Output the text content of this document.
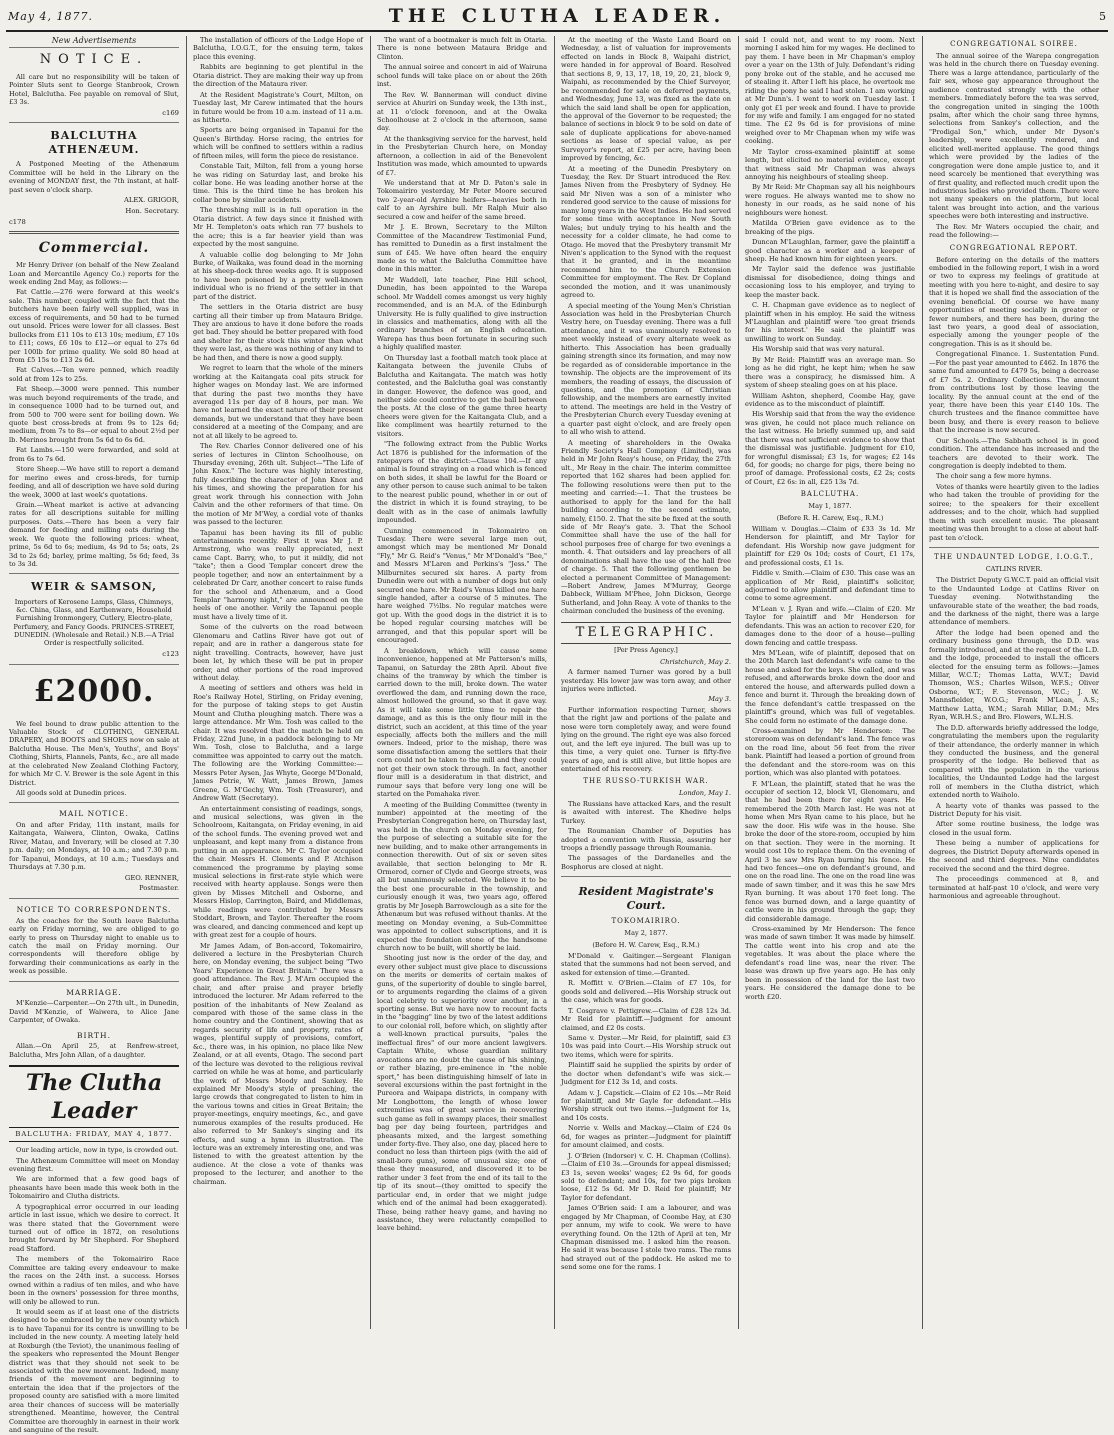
May 4, 1877.	THE CLUTHA LEADER.	5
New Advertisements
NOTICE.

All care but no responsibility will be taken of Pointer Sluts sent to George Stanbrook, Crown Hotel, Balclutha. Fee payable on removal of Slut, £3 3s.

c169
BALCLUTHA ATHENÆUM.

A Postponed Meeting of the Athenæum Committee will be held in the Library on the evening of MONDAY first, the 7th instant, at half-past seven o'clock sharp.

ALEX. GRIGOR,
Hon. Secretary.
c178
Commercial.

Mr Henry Driver (on behalf of the New Zealand Loan and Mercantile Agency Co.) reports for the week ending 2nd May, as follows:—

Fat Cattle.—276 were forward at this week's sale. This number, coupled with the fact that the butchers have been fairly well supplied, was in excess of requirements, and 50 had to be turned out unsold. Prices were lower for all classes. Best bullocks from £11 10s to £13 10s; medium, £7 10s to £11; cows, £6 10s to £12—or equal to 27s 6d per 100lb for prime quality. We sold 80 head at from £5 15s to £13 2s 6d.

Fat Calves.—Ten were penned, which readily sold at from 12s to 25s.

Fat Sheep.—3000 were penned. This number was much beyond requirements of the trade, and in consequence 1000 had to be turned out, and from 500 to 700 were sent for boiling down. We quote best cross-breds at from 9s to 12s 6d; medium, from 7s to 8s—or equal to about 2½d per lb. Merinos brought from 5s 6d to 6s 6d.

Fat Lambs.—150 were forwarded, and sold at from 6s to 7s 6d.

Store Sheep.—We have still to report a demand for merino ewes and cross-breds, for turnip feeding, and all of description we have sold during the week, 3000 at last week's quotations.

Grain.—Wheat market is active at advancing rates for all descriptions suitable for milling purposes. Oats.—There has been a very fair demand for feeding and milling oats during the week. We quote the following prices: wheat, prime, 5s 6d to 6s; medium, 4s 9d to 5s; oats, 2s 3d to 2s 6d; barley, prime malting, 5s 6d; feed, 3s to 3s 3d.

WEIR & SAMSON,
Importers of Kerosene Lamps, Glass, Chimneys, &c. China, Glass, and Earthenware, Household Furnishing Ironmongery, Cutlery, Electro-plate, Perfumery, and Fancy Goods. PRINCES-STREET, DUNEDIN. (Wholesale and Retail.) N.B.—A Trial Order is respectfully solicited.
c123
£2000.

We feel bound to draw public attention to the Valuable Stock of CLOTHING, GENERAL DRAPERY, and BOOTS and SHOES now on sale at Balclutha House. The Men's, Youths', and Boys' Clothing, Shirts, Flannels, Pants, &c., are all made at the celebrated New Zealand Clothing Factory, for which Mr C. V. Brewer is the sole Agent in this District.

All goods sold at Dunedin prices.

MAIL NOTICE.

On and after Friday, 11th instant, mails for Kaitangata, Waiwera, Clinton, Owaka, Catlins River, Matau, and Inverary, will be closed at 7.30 p.m. daily; on Mondays, at 10 a.m.; and 7.30 p.m. for Tapanui, Mondays, at 10 a.m.; Tuesdays and Thursdays at 7.30 p.m.

GEO. RENNER,
Postmaster.
NOTICE TO CORRESPONDENTS.

As the coaches for the South leave Balclutha early on Friday morning, we are obliged to go early to press on Thursday night to enable us to catch the mail on Friday morning. Our correspondents will therefore oblige by forwarding their communications as early in the week as possible.

MARRIAGE.

M'Kenzie—Carpenter.—On 27th ult., in Dunedin, David M'Kenzie, of Waiwera, to Alice Jane Carpenter, of Owaka.

BIRTH.

Allan.—On April 25, at Renfrew-street, Balclutha, Mrs John Allan, of a daughter.

The Clutha Leader
BALCLUTHA: FRIDAY, MAY 4, 1877.

Our leading article, now in type, is crowded out.

The Athenæum Committee will meet on Monday evening first.

We are informed that a few good bags of pheasants have been made this week both in the Tokomairiro and Clutha districts.

A typographical error occurred in our leading article in last issue, which we desire to correct. It was there stated that the Government were turned out of office in 1872, on resolutions brought forward by Mr Shepherd. For Shepherd read Stafford.

The members of the Tokomairiro Race Committee are taking every endeavour to make the races on the 24th inst. a success. Horses owned within a radius of ten miles, and who have been in the owners' possession for three months, will only be allowed to run.

It would seem as if at least one of the districts designed to be embraced by the new county which is to have Tapanui for its centre is unwilling to be included in the new county. A meeting lately held at Roxburgh (the Teviot), the unanimous feeling of the speakers who represented the Mount Benger district was that they should not seek to be associated with the new movement. Indeed, many friends of the movement are beginning to entertain the idea that if the projectors of the proposed county are satisfied with a more limited area their chances of success will be materially strengthened. Meantime, however, the Central Committee are thoroughly in earnest in their work and sanguine of the result.

The installation of officers of the Lodge Hope of Balclutha, I.O.G.T., for the ensuing term, takes place this evening.

Rabbits are beginning to get plentiful in the Otaria district. They are making their way up from the direction of the Mataura river.

At the Resident Magistrate's Court, Milton, on Tuesday last, Mr Carew intimated that the hours in future would be from 10 a.m. instead of 11 a.m. as hitherto.

Sports are being organised in Tapanui for the Queen's Birthday. Horse racing, the entries for which will be confined to settlers within a radius of fifteen miles, will form the piece de resistance.

Constable Tait, Milton, fell from a young horse he was riding on Saturday last, and broke his collar bone. He was leading another horse at the time. This is the third time he has broken his collar bone by similar accidents.

The threshing mill is in full operation in the Otaria district. A few days since it finished with Mr H. Templeton's oats which ran 77 bushels to the acre; this is a far heavier yield than was expected by the most sanguine.

A valuable collie dog belonging to Mr John Burke, of Waikaka, was found dead in the morning at his sheep-dock three weeks ago. It is supposed to have been poisoned by a pretty well-known individual who is no friend of the settler in that part of the district.

The settlers in the Otaria district are busy carting all their timber up from Mataura Bridge. They are anxious to have it done before the roads get bad. They should be better prepared with food and shelter for their stock this winter than what they were last, as there was nothing of any kind to be had then, and there is now a good supply.

We regret to learn that the whole of the miners working at the Kaitangata coal pits struck for higher wages on Monday last. We are informed that during the past two months they have averaged 11s per day of 8 hours, per man. We have not learned the exact nature of their present demands, but we understand that they have been considered at a meeting of the Company, and are not at all likely to be agreed to.

The Rev. Charles Connor delivered one of his series of lectures in Clinton Schoolhouse, on Thursday evening, 26th ult. Subject—"The Life of John Knox." The lecture was highly interesting, fully describing the character of John Knox and his times, and showing the preparation for his great work through his connection with John Calvin and the other reformers of that time. On the motion of Mr M'Wey, a cordial vote of thanks was passed to the lecturer.

Tapanui has been having its fill of public entertainments recently. First it was Mr J. P. Armstrong, who was really appreciated, next came Capt. Barry, who, to put it mildly, did not "take"; then a Good Templar concert drew the people together, and now an entertainment by a celebrated Dr Carr, another concert to raise funds for the school and Athenæum, and a Good Templar "harmony night," are announced on the heels of one another. Verily the Tapanui people must have a lively time of it.

Some of the culverts on the road between Glenomaru and Catlins River have got out of repair, and are in rather a dangerous state for night travelling. Contracts, however, have just been let, by which these will be put in proper order, and other portions of the road improved without delay.

A meeting of settlers and others was held in Roe's Railway Hotel, Stirling, on Friday evening, for the purpose of taking steps to get Austin Mount and Clutha ploughing match. There was a large attendance. Mr Wm. Tosh was called to the chair. It was resolved that the match be held on Friday, 22nd June, in a paddock belonging to Mr Wm. Tosh, close to Balclutha, and a large committee was appointed to carry out the match. The following are the Working Committee:—Messrs Peter Aysen, Jas Whyte, George M'Donald, James Petrie, W. Watt, James Brown, James Greene, G. M'Gechy, Wm. Tosh (Treasurer), and Andrew Watt (Secretary).

An entertainment consisting of readings, songs, and musical selections, was given in the Schoolroom, Kaitangata, on Friday evening, in aid of the school funds. The evening proved wet and unpleasant, and kept many from a distance from putting in an appearance. Mr C. Taylor occupied the chair. Messrs H. Clements and P. Atchison commenced the programme by playing some musical selections in first-rate style which were received with hearty applause. Songs were then given by Misses Mitchell and Osborne, and Messrs Hislop, Carrington, Baird, and Middlemas, while readings were contributed by Messrs Stoddart, Brown, and Taylor. Thereafter the room was cleared, and dancing commenced and kept up with great zest for a couple of hours.

Mr James Adam, of Bon-accord, Tokomairiro, delivered a lecture in the Presbyterian Church here, on Monday evening, the subject being "Two Years' Experience in Great Britain." There was a good attendance. The Rev. J. M'Arn occupied the chair, and after praise and prayer briefly introduced the lecturer. Mr Adam referred to the position of the inhabitants of New Zealand as compared with those of the same class in the home country and the Continent, showing that as regards security of life and property, rates of wages, plentiful supply of provisions, comfort, &c., there was, in his opinion, no place like New Zealand, or at all events, Otago. The second part of the lecture was devoted to the religious revival carried on while he was at home, and particularly the work of Messrs Moody and Sankey. He explained Mr Moody's style of preaching, the large crowds that congregated to listen to him in the various towns and cities in Great Britain; the prayer-meetings, enquiry meetings, &c., and gave numerous examples of the results produced. He also referred to Mr Sankey's singing and its effects, and sung a hymn in illustration. The lecture was an extremely interesting one, and was listened to with the greatest attention by the audience. At the close a vote of thanks was proposed to the lecturer, and another to the chairman.

The want of a bootmaker is much felt in Otaria. There is none between Mataura Bridge and Clinton.

The annual soiree and concert in aid of Wairuna school funds will take place on or about the 26th inst.

The Rev. W. Bannerman will conduct divine service at Ahuriri on Sunday week, the 13th inst., at 11 o'clock forenoon, and at the Owaka Schoolhouse at 2 o'clock in the afternoon, same day.

At the thanksgiving service for the harvest, held in the Presbyterian Church here, on Monday afternoon, a collection in aid of the Benevolent Institution was made, which amounted to upwards of £7.

We understand that at Mr D. Paton's sale in Tokomairiro yesterday, Mr Peter Moore secured two 2-year-old Ayrshire heifers—heavies both in calf to an Ayrshire bull. Mr Ralph Muir also secured a cow and heifer of the same breed.

Mr J. E. Brown, Secretary to the Milton Committee of the Macandrew Testimonial Fund, has remitted to Dunedin as a first instalment the sum of £45. We have often heard the enquiry made as to what the Balclutha Committee have done in this matter.

Mr Waddell, late teacher, Pine Hill school, Dunedin, has been appointed to the Warepa school. Mr Waddell comes amongst us very highly recommended, and is an M.A. of the Edinburgh University. He is fully qualified to give instruction in classics and mathematics, along with all the ordinary branches of an English education. Warepa has thus been fortunate in securing such a highly qualified master.

On Thursday last a football match took place at Kaitangata between the juvenile Clubs of Balclutha and Kaitangata. The match was hotly contested, and the Balclutha goal was constantly in danger. However, the defence was good, and neither side could contrive to get the ball between the posts. At the close of the game three hearty cheers were given for the Kaitangata Club, and a like compliment was heartily returned to the visitors.

"The following extract from the Public Works Act 1876 is published for the information of the ratepayers of the district:—Clause 104.—If any animal is found straying on a road which is fenced on both sides, it shall be lawful for the Board or any other person to cause such animal to be taken to the nearest public pound, whether in or out of the district in which it is found straying, to be dealt with as in the case of animals lawfully impounded.

Cunning commenced in Tokomairiro on Tuesday. There were several large men out, amongst which may be mentioned Mr Donald "Fly," Mr G. Reid's "Venus," Mr M'Donald's "Bee," and Messrs M'Laren and Perkins's "Jess." The Milburnites secured six hares. A party from Dunedin were out with a number of dogs but only secured one hare. Mr Reid's Venus killed one hare single handed, after a course of 5 minutes. The hare weighed 7½lbs. No regular matches were got up. With the good dogs in the district it is to be hoped regular coursing matches will be arranged, and that this popular sport will be encouraged.

A breakdown, which will cause some inconvenience, happened at Mr Patterson's mills, Tapanui, on Saturday the 28th April. About five chains of the tramway by which the timber is carried down to the mill, broke down. The water overflowed the dam, and running down the race, almost hollowed the ground, so that it gave way. As it will take some little time to repair the damage, and as this is the only flour mill in the district, such an accident, at this time of the year especially, affects both the millers and the mill owners. Indeed, prior to the mishap, there was some dissatisfaction among the settlers that their corn could not be taken to the mill and they could not get their own stock through. In fact, another flour mill is a desideratum in that district, and rumour says that before very long one will be started on the Pomahaka river.

A meeting of the Building Committee (twenty in number) appointed at the meeting of the Presbyterian Congregation here, on Thursday last, was held in the church on Monday evening, for the purpose of selecting a suitable site for the new building, and to make other arrangements in connection therewith. Out of six or seven sites available, that section belonging to Mr R. Ormerod, corner of Clyde and George streets, was all but unanimously selected. We believe it to be the best one procurable in the township, and curiously enough it was, two years ago, offered gratis by Mr Joseph Barrowclough as a site for the Athenæum but was refused without thanks. At the meeting on Monday evening, a Sub-Committee was appointed to collect subscriptions, and it is expected the foundation stone of the handsome church now to be built, will shortly be laid.

Shooting just now is the order of the day, and every other subject must give place to discussions on the merits or demerits of certain makes of guns, of the superiority of double to single barrel, or to arguments regarding the claims of a given local celebrity to superiority over another, in a sporting sense. But we have now to recount facts in the "bagging" line by two of the latest additions to our colonial roll, before which, on slightly after a well-known practical pursuits, "pales the ineffectual fires" of our more ancient lawgivers. Captain White, whose guardian military avocations are no doubt the cause of his shining, or rather blazing, pre-eminence in "the noble sport," has been distinguishing himself of late in several excursions within the past fortnight in the Pureora and Waipapa districts, in company with Mr Longbottom, the length of whose lower extremities was of great service in recovering such game as fell in swampy places, their smallest bag per day being fourteen, partridges and pheasants mixed, and the largest something under forty-five. They also, one day, placed here to conduct no less than thirteen pigs (with the aid of small-bore guns), some of unusual size; one of these they measured, and discovered it to be rather under 3 feet from the end of its tail to the tip of its snout—(they omitted to specify the particular end, in order that we might judge which end of the animal had been exaggerated). These, being rather heavy game, and having no assistance, they were reluctantly compelled to leave behind.

At the meeting of the Waste Land Board on Wednesday, a list of valuation for improvements effected on lands in Block 8, Waipahi district, were handed in for approval of Board. Resolved that sections 8, 9, 13, 17, 18, 19, 20, 21, block 9, Waipahi, as recommended by the Chief Surveyor, be recommended for sale on deferred payments, and Wednesday, June 13, was fixed as the date on which the said land shall be open for application, the approval of the Governor to be requested; the balance of sections in block 9 to be sold on date of sale of duplicate applications for above-named sections as lease of special value, as per Surveyor's report, at £25 per acre, having been improved by fencing, &c.

At a meeting of the Dunedin Presbytery on Tuesday, the Rev. Dr Stuart introduced the Rev. James Niven from the Presbytery of Sydney. He said Mr Niven was a son of a minister who rendered good service to the cause of missions for many long years in the West Indies. He had served for some time with acceptance in New South Wales; but unduly trying to his health and the necessity for a colder climate, he had come to Otago. He moved that the Presbytery transmit Mr Niven's application to the Synod with the request that it be granted, and in the meantime recommend him to the Church Extension Committee for employment. The Rev. Dr Copland seconded the motion, and it was unanimously agreed to.

A special meeting of the Young Men's Christian Association was held in the Presbyterian Church Vestry here, on Tuesday evening. There was a full attendance, and it was unanimously resolved to meet weekly instead of every alternate week as hitherto. This Association has been gradually gaining strength since its formation, and may now be regarded as of considerable importance in the township. The objects are the improvement of its members, the reading of essays, the discussion of questions, and the promotion of Christian fellowship, and the members are earnestly invited to attend. The meetings are held in the Vestry of the Presbyterian Church every Tuesday evening at a quarter past eight o'clock, and are freely open to all who wish to attend.

A meeting of shareholders in the Owaka Friendly Society's Hall Company (Limited), was held in Mr John Reay's house, on Friday, the 27th ult., Mr Reay in the chair. The interim committee reported that 162 shares had been applied for. The following resolutions were then put to the meeting and carried:—1. That the trustees be authorised to apply for the land for the hall building according to the second estimate, namely, £150. 2. That the site be fixed at the south side of Mr Reay's gate. 3. That the School Committee shall have the use of the hall for school purposes free of charge for two evenings a month. 4. That outsiders and lay preachers of all denominations shall have the use of the hall free of charge. 5. That the following gentlemen be elected a permanent Committee of Management:—Robert Andrew, James M'Murray, George Dabbeck, William M'Phee, John Dickson, George Sutherland, and John Reay. A vote of thanks to the chairman concluded the business of the evening.

TELEGRAPHIC.
[Per Press Agency.]
Christchurch, May 2.

A farmer named Turner was gored by a bull yesterday. His lower jaw was torn away, and other injuries were inflicted.

May 3.

Further information respecting Turner, shows that the right jaw and portions of the palate and nose were torn completely away, and were found lying on the ground. The right eye was also forced out, and the left eye injured. The bull was up to this time, a very quiet one. Turner is fifty-five years of age, and is still alive, but little hopes are entertained of his recovery.

THE RUSSO-TURKISH WAR.
London, May 1.

The Russians have attacked Kars, and the result is awaited with interest. The Khedive helps Turkey.

The Roumanian Chamber of Deputies has adopted a convention with Russia, assuring her troops a friendly passage through Roumania.

The passages of the Dardanelles and the Bosphorus are closed at night.

Resident Magistrate's Court.
TOKOMAIRIRO.
May 2, 1877.
(Before H. W. Carew, Esq., R.M.)

M'Donald v. Gaitinger.—Sergeant Flanigan stated that the summons had not been served, and asked for extension of time.—Granted.

R. Moffitt v. O'Brien.—Claim of £7 10s, for goods sold and delivered.—His Worship struck out the case, which was for goods.

T. Cosgrave v. Pettigrew.—Claim of £28 12s 3d. Mr Reid for plaintiff.—Judgment for amount claimed, and £2 0s costs.

Same v. Dyster.—Mr Reid, for plaintiff, said £3 10s was paid into Court.—His Worship struck out two items, which were for spirits.

Plaintiff said he supplied the spirits by order of the doctor when defendant's wife was sick.—Judgment for £12 3s 1d, and costs.

Adam v. J. Capstick.—Claim of £2 10s.—Mr Reid for plaintiff, and Mr Gayle for defendant.—His Worship struck out two items.—Judgment for 1s, and 10s costs.

Norrie v. Wells and Mackay.—Claim of £24 0s 6d, for wages as printer.—Judgment for plaintiff for amount claimed, and costs.

J. O'Brien (Indorser) v. C. H. Chapman (Collins).—Claim of £10 3s.—Grounds for appeal dismissed; £3 1s, seven weeks' wages; £2 9s 6d, for goods sold to defendant; and 10s, for two pigs broken loose, £12 5s 6d. Mr D. Reid for plaintiff; Mr Taylor for defendant.

James O'Brien said: I am a labourer, and was engaged by Mr Chapman, of Coombe Hay, at £30 per annum, my wife to cook. We were to have everything found. On the 12th of April at ten, Mr Chapman dismissed me. I asked him the reason. He said it was because I stole two rams. The rams had strayed out of the paddock. He asked me to send some one for the rams. I

said I could not, and went to my room. Next morning I asked him for my wages. He declined to pay them. I have been in Mr Chapman's employ over a year on the 13th of July. Defendant's riding pony broke out of the stable, and he accused me of stealing it. After I left his place, he overtook me riding the pony he said I had stolen. I am working at Mr Dunn's. I went to work on Tuesday last. I only got £1 per week and found. I have to provide for my wife and family. I am engaged for no stated time. The £2 9s 6d is for provisions of mine weighed over to Mr Chapman when my wife was cooking.

Mr Taylor cross-examined plaintiff at some length, but elicited no material evidence, except that witness said Mr Chapman was always annoying his neighbours of stealing sheep.

By Mr Reid: Mr Chapman say all his neighbours were rogues. He always wanted me to show no honesty in our roads, as he said none of his neighbours were honest.

Matilda O'Brien gave evidence as to the breaking of the pigs.

Duncan M'Laughlan, farmer, gave the plaintiff a good character as a worker and a keeper of sheep. He had known him for eighteen years.

Mr Taylor said the defence was justifiable dismissal for disobedience, doing things and occasioning loss to his employer, and trying to keep the master back.

C. H. Chapman gave evidence as to neglect of plaintiff when in his employ. He said the witness M'Laughlan and plaintiff were 'too great friends for his interest.' He said the plaintiff was unwilling to work on Sunday.

His Worship said that was very natural.

By Mr Reid: Plaintiff was an average man. So long as he did right, he kept him; when he saw there was a conspiracy, he dismissed him. A system of sheep stealing goes on at his place.

William Ashton, shepherd, Coombe Hay, gave evidence as to the misconduct of plaintiff.

His Worship said that from the way the evidence was given, he could not place much reliance on the last witness. He briefly summed up, and said that there was not sufficient evidence to show that the dismissal was justifiable. Judgment for £10, for wrongful dismissal; £3 1s, for wages; £2 14s 6d, for goods; no charge for pigs, there being no proof of damage. Professional costs, £2 2s; costs of Court, £2 6s: in all, £25 13s 7d.

BALCLUTHA.
May 1, 1877.
(Before R. H. Carew, Esq., R.M.)

William v. Douglas.—Claim of £33 3s 1d. Mr Henderson for plaintiff, and Mr Taylor for defendant. His Worship now gave judgment for plaintiff for £29 0s 10d; costs of Court, £1 17s, and professional costs, £1 1s.

Fiddle v. Smith.—Claim of £30. This case was an application of Mr Reid, plaintiff's solicitor, adjourned to allow plaintiff and defendant time to come to some agreement.

M'Lean v. J. Ryan and wife.—Claim of £20. Mr Taylor for plaintiff and Mr Henderson for defendants. This was an action to recover £20, for damages done to the door of a house—pulling down fencing and cattle trespass.

Mrs M'Lean, wife of plaintiff, deposed that on the 20th March last defendant's wife came to the house and asked for the keys. She called, and was refused, and afterwards broke down the door and entered the house, and afterwards pulled down a fence and burnt it. Through the breaking down of the fence defendant's cattle trespassed on the plaintiff's ground, which was full of vegetables. She could form no estimate of the damage done.

Cross-examined by Mr Henderson: The storeroom was on defendant's land. The fence was on the road line, about 56 feet from the river bank. Plaintiff had leased a portion of ground from the defendant and the store-room was on this portion, which was also planted with potatoes.

F. M'Lean, the plaintiff, stated that he was the occupier of section 12, block VI, Glenomaru, and that he had been there for eight years. He remembered the 20th March last. He was not at home when Mrs Ryan came to his place, but he saw the door. His wife was in the house. She broke the door of the store-room, occupied by him on that section. They were in the morning. It would cost 10s to replace them. On the evening of April 3 he saw Mrs Ryan burning his fence. He had two fences—one on defendant's ground, and one on the road line. The one on the road line was made of sawn timber, and it was this he saw Mrs Ryan burning. It was about 170 feet long. The fence was burned down, and a large quantity of cattle were in his ground through the gap; they did considerable damage.

Cross-examined by Mr Henderson: The fence was made of sawn timber. It was made by himself. The cattle went into his crop and ate the vegetables. It was about the place where the defendant's road line was, near the river. The lease was drawn up five years ago. He has only been in possession of the land for the last two years. He considered the damage done to be worth £20.

CONGREGATIONAL SOIREE.

The annual soiree of the Warepa congregation was held in the church there on Tuesday evening. There was a large attendance, particularly of the fair sex, whose gay appearance throughout the audience contrasted strongly with the other members. Immediately before the tea was served, the congregation united in singing the 100th psalm, after which the choir sang three hymns, selections from Sankey's collection, and the "Prodigal Son," which, under Mr Dyson's leadership, were excellently rendered, and elicited well-merited applause. The good things which were provided by the ladies of the congregation were done ample justice to, and it need scarcely be mentioned that everything was of first quality, and reflected much credit upon the industrious ladies who provided them. There were not many speakers on the platform, but local talent was brought into action, and the various speeches were both interesting and instructive.

The Rev. Mr Waters occupied the chair, and read the following:—

CONGREGATIONAL REPORT.

Before entering on the details of the matters embodied in the following report, I wish in a word or two to express my feelings of gratitude at meeting with you here to-night, and desire to say that it is hoped we shall find the association of the evening beneficial. Of course we have many opportunities of meeting socially in greater or fewer numbers, and there has been, during the last two years, a good deal of association, especially among the younger people of the congregation. This is as it should be.

Congregational Finance. 1. Sustentation Fund.—For the past year amounted to £462. In 1876 the same fund amounted to £479 5s, being a decrease of £7 5s. 2. Ordinary Collections. The amount from contributions lost by those leaving the locality. By the annual count at the end of the year, there have been this year £140 10s. The church trustees and the finance committee have been busy, and there is every reason to believe that the increase is now secured.

Our Schools.—The Sabbath school is in good condition. The attendance has increased and the teachers are devoted to their work. The congregation is deeply indebted to them.

The choir sang a few more hymns.

Votes of thanks were heartily given to the ladies who had taken the trouble of providing for the soiree; to the speakers for their excellent addresses; and to the choir, which had supplied them with such excellent music. The pleasant meeting was then brought to a close at about half-past ten o'clock.

THE UNDAUNTED LODGE, I.O.G.T.,
CATLINS RIVER.

The District Deputy G.W.C.T. paid an official visit to the Undaunted Lodge at Catlins River on Tuesday evening. Notwithstanding the unfavourable state of the weather, the bad roads, and the darkness of the night, there was a large attendance of members.

After the lodge had been opened and the ordinary business gone through, the D.D. was formally introduced, and at the request of the L.D. and the lodge, proceeded to install the officers elected for the ensuing term as follows:—James Millar, W.C.T.; Thomas Latta, W.V.T.; David Thomson, W.S.; Charles Wilson, W.F.S.; Oliver Osborne, W.T.; F. Stevenson, W.C.; J. W. Mannsfielder, W.O.G.; Frank M'Lean, A.S.; Matthew Latta, W.M.; Sarah Millar, D.M.; Mrs Ryan, W.R.H.S.; and Bro. Flowers, W.L.H.S.

The D.D. afterwards briefly addressed the lodge, congratulating the members upon the regularity of their attendance, the orderly manner in which they conducted the business, and the general prosperity of the lodge. He believed that as compared with the population in the various localities, the Undaunted Lodge had the largest roll of members in the Clutha district, which extended north to Waiholo.

A hearty vote of thanks was passed to the District Deputy for his visit.

After some routine business, the lodge was closed in the usual form.

These being a number of applications for degrees, the District Deputy afterwards opened in the second and third degrees. Nine candidates received the second and the third degree.

The proceedings commenced at 8, and terminated at half-past 10 o'clock, and were very harmonious and agreeable throughout.
